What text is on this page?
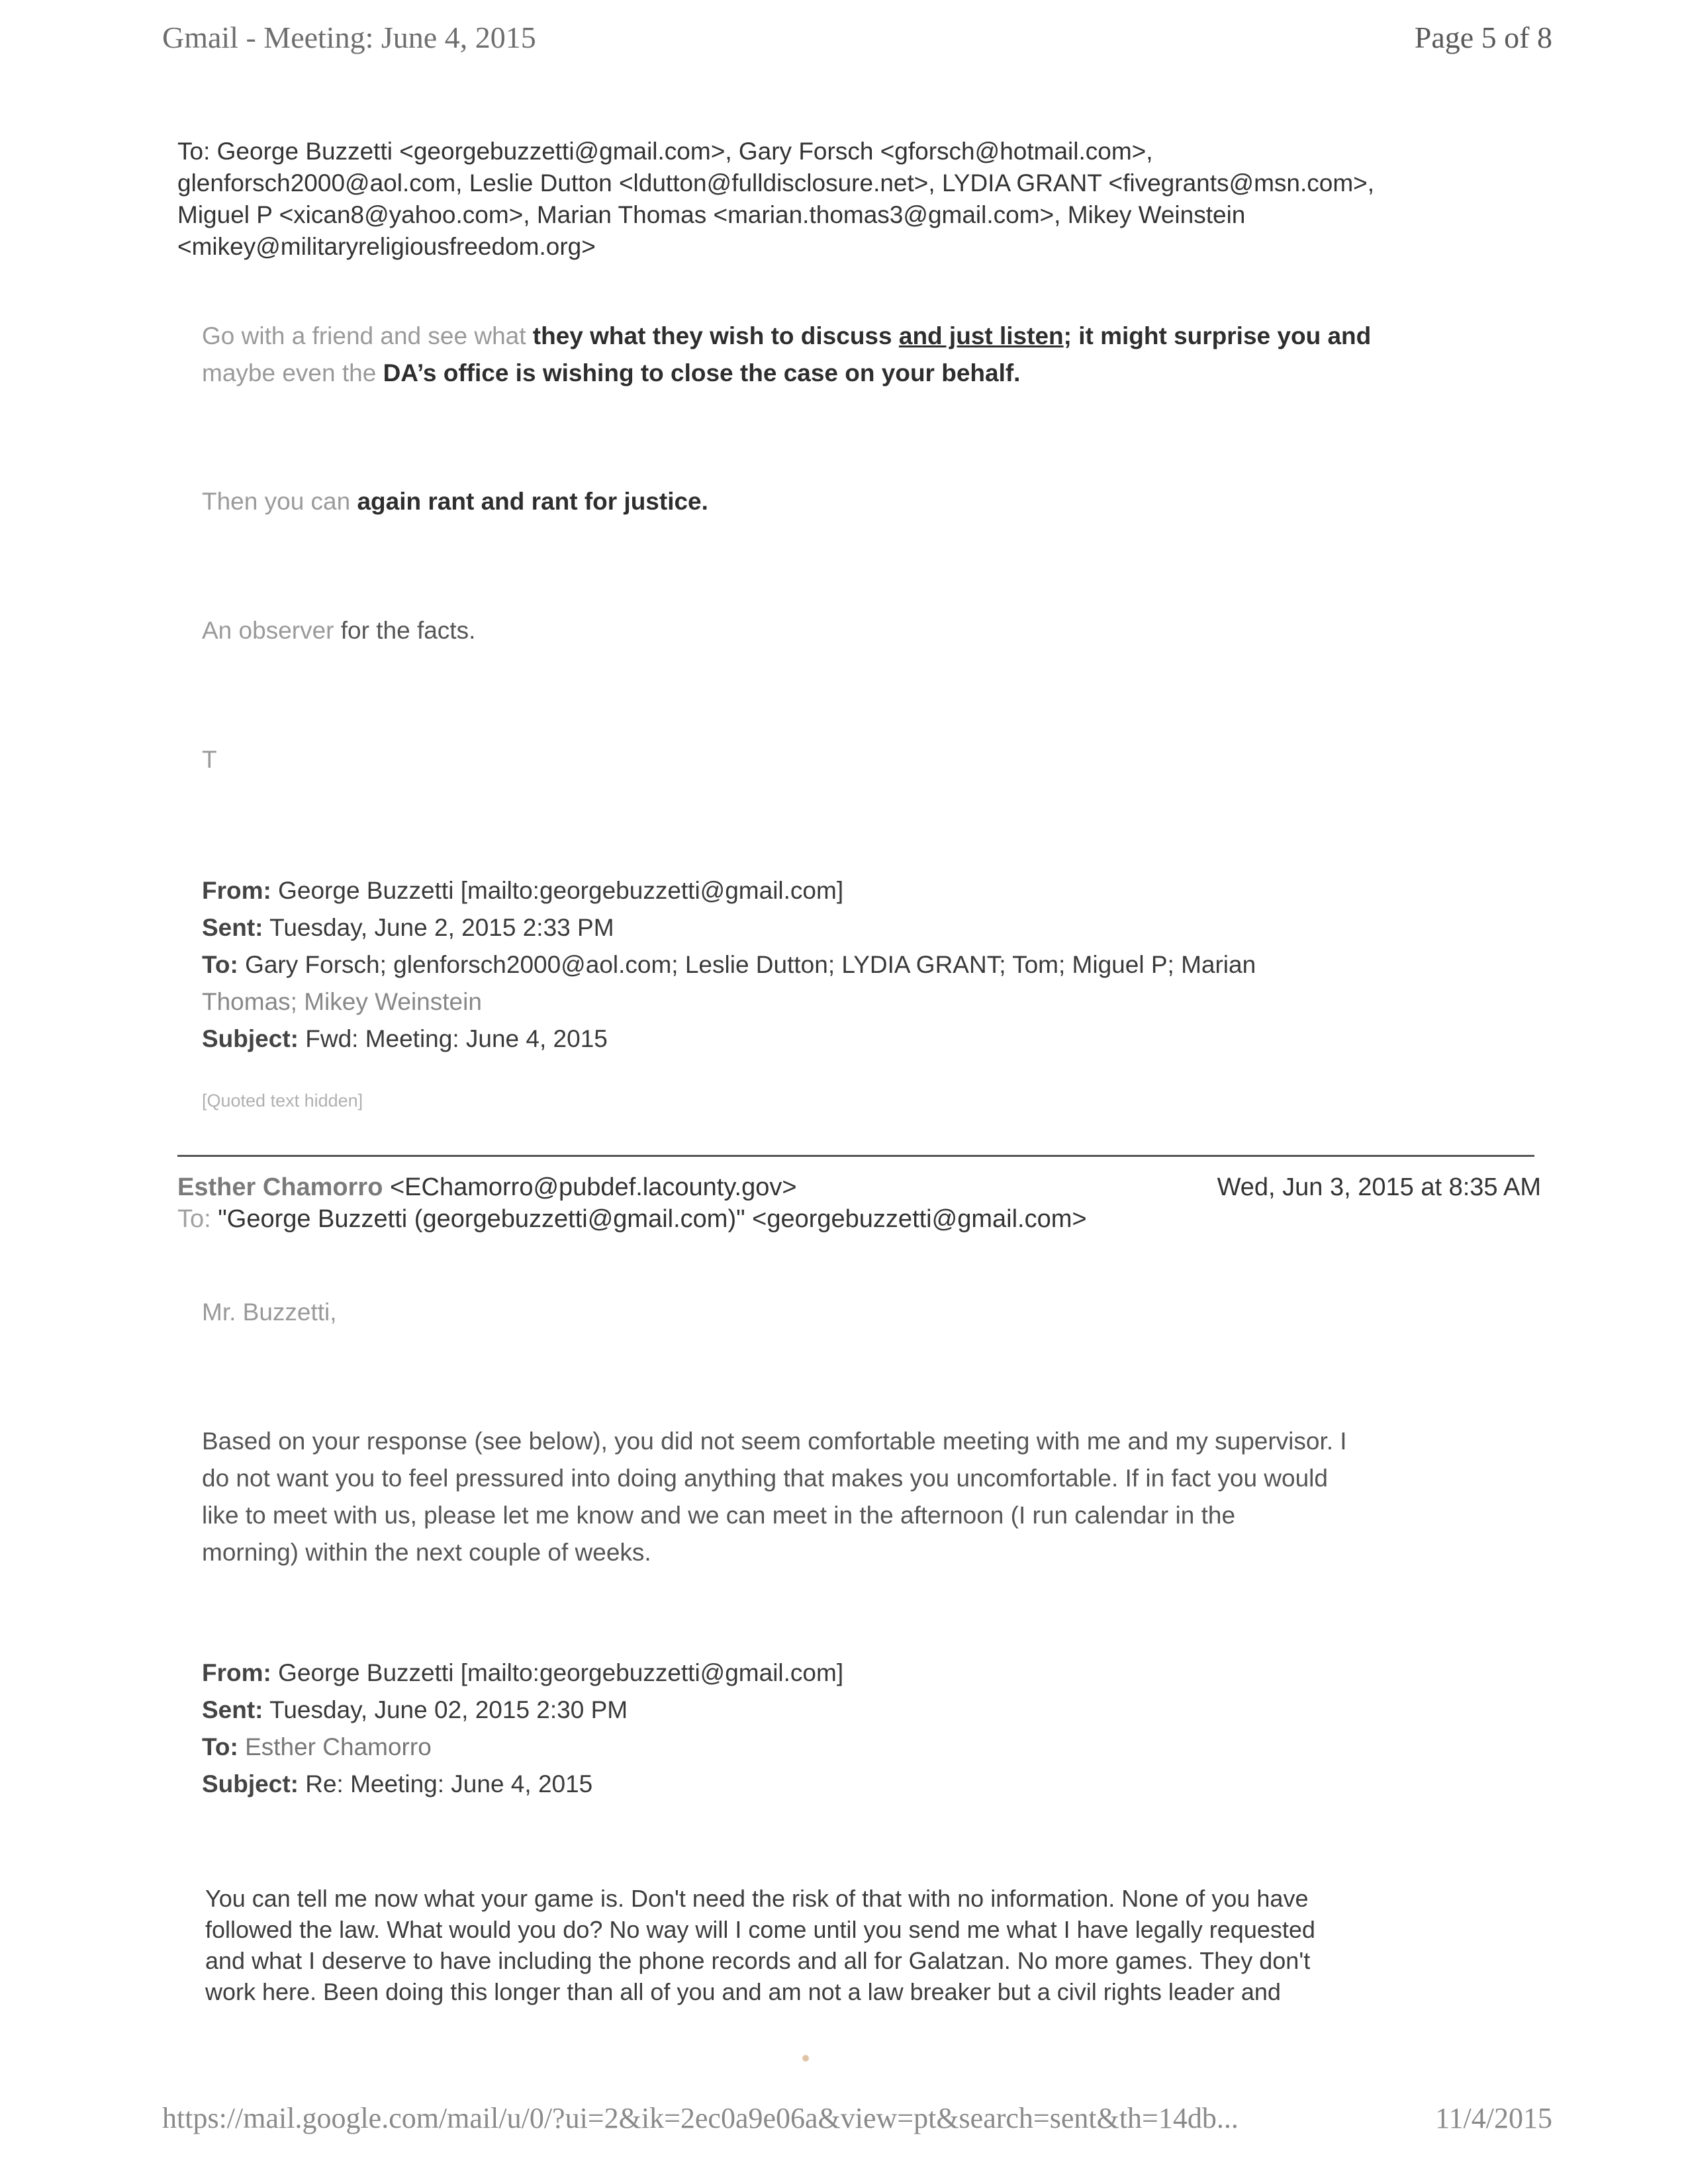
Gmail - Meeting: June 4, 2015	Page 5 of 8

To: George Buzzetti <georgebuzzetti@gmail.com>, Gary Forsch <gforsch@hotmail.com>,

glenforsch2000@aol.com, Leslie Dutton <ldutton@fulldisclosure.net>, LYDIA GRANT <fivegrants@msn.com>,

Miguel P <xican8@yahoo.com>, Marian Thomas <marian.thomas3@gmail.com>, Mikey Weinstein

<mikey@militaryreligiousfreedom.org>

Go with a friend and see what they what they wish to discuss and just listen; it might surprise you and

maybe even the DA’s office is wishing to close the case on your behalf.

Then you can again rant and rant for justice.

An observer for the facts.

T

From: George Buzzetti [mailto:georgebuzzetti@gmail.com]

Sent: Tuesday, June 2, 2015 2:33 PM

To: Gary Forsch; glenforsch2000@aol.com; Leslie Dutton; LYDIA GRANT; Tom; Miguel P; Marian

Thomas; Mikey Weinstein

Subject: Fwd: Meeting: June 4, 2015

[Quoted text hidden]

Esther Chamorro <EChamorro@pubdef.lacounty.gov>	Wed, Jun 3, 2015 at 8:35 AM

To: "George Buzzetti (georgebuzzetti@gmail.com)" <georgebuzzetti@gmail.com>

Mr. Buzzetti,

Based on your response (see below), you did not seem comfortable meeting with me and my supervisor. I

do not want you to feel pressured into doing anything that makes you uncomfortable. If in fact you would

like to meet with us, please let me know and we can meet in the afternoon (I run calendar in the

morning) within the next couple of weeks.

From: George Buzzetti [mailto:georgebuzzetti@gmail.com]

Sent: Tuesday, June 02, 2015 2:30 PM

To: Esther Chamorro

Subject: Re: Meeting: June 4, 2015

You can tell me now what your game is. Don't need the risk of that with no information. None of you have

followed the law. What would you do? No way will I come until you send me what I have legally requested

and what I deserve to have including the phone records and all for Galatzan. No more games. They don't

work here. Been doing this longer than all of you and am not a law breaker but a civil rights leader and

https://mail.google.com/mail/u/0/?ui=2&ik=2ec0a9e06a&view=pt&search=sent&th=14db...	11/4/2015
